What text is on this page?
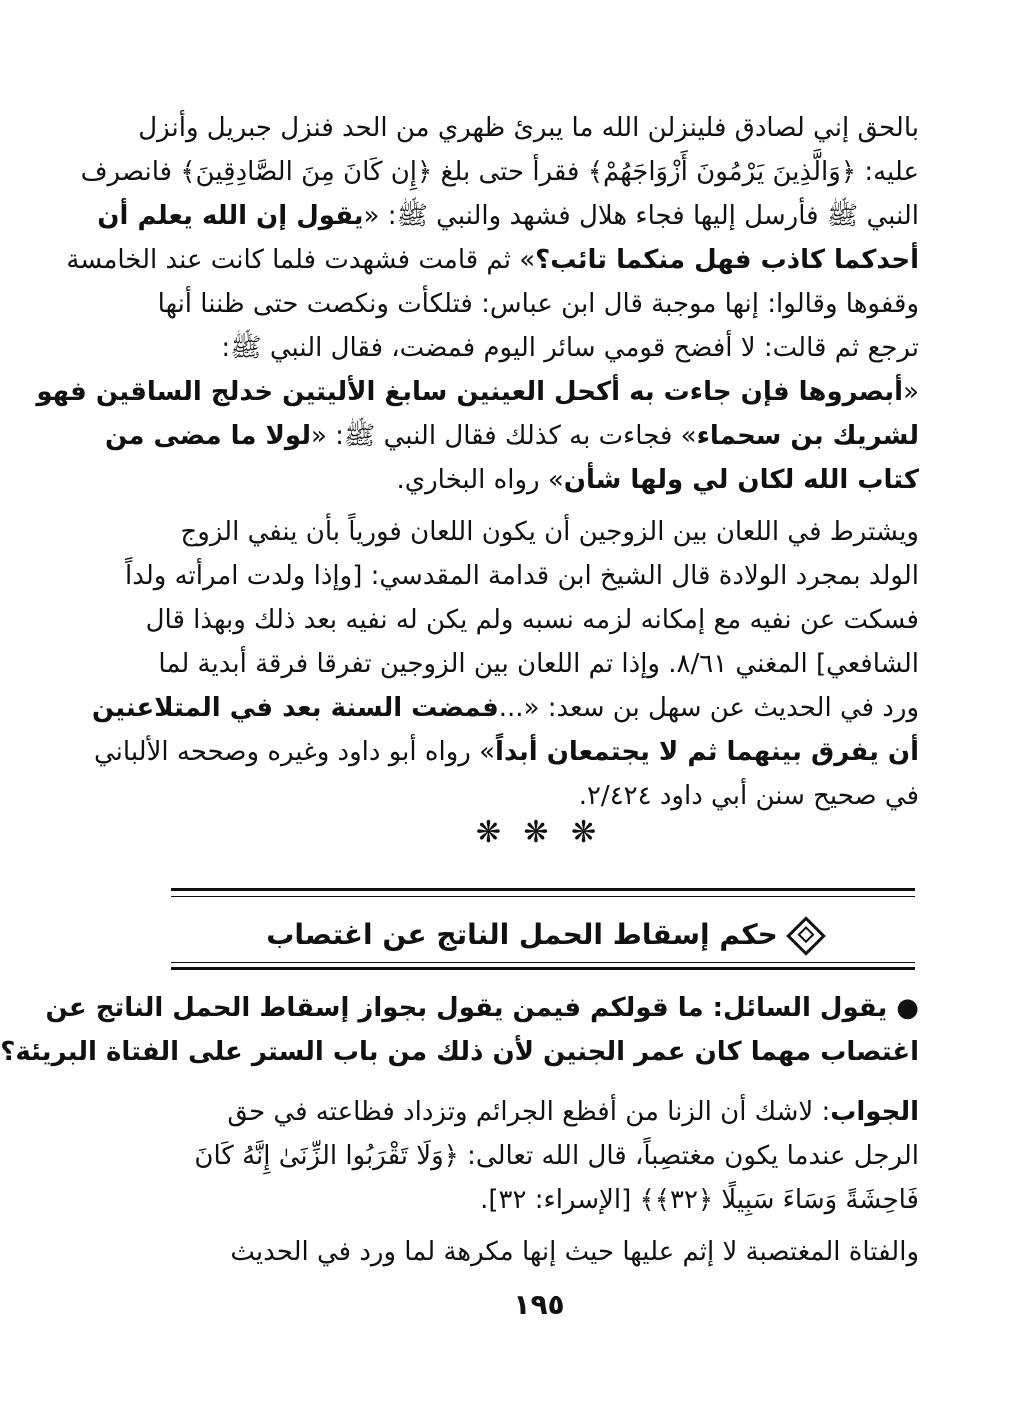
بالحق إني لصادق فلينزلن الله ما يبرئ ظهري من الحد فنزل جبريل وأنزل
عليه: ﴿وَالَّذِينَ يَرْمُونَ أَزْوَاجَهُمْ﴾ فقرأ حتى بلغ ﴿إِن كَانَ مِنَ الصَّادِقِينَ﴾ فانصرف
النبي ﷺ فأرسل إليها فجاء هلال فشهد والنبي ﷺ: «يقول إن الله يعلم أن
أحدكما كاذب فهل منكما تائب؟» ثم قامت فشهدت فلما كانت عند الخامسة
وقفوها وقالوا: إنها موجبة قال ابن عباس: فتلكأت ونكصت حتى ظننا أنها
ترجع ثم قالت: لا أفضح قومي سائر اليوم فمضت، فقال النبي ﷺ:
«أبصروها فإن جاءت به أكحل العينين سابغ الأليتين خدلج الساقين فهو
لشريك بن سحماء» فجاءت به كذلك فقال النبي ﷺ: «لولا ما مضى من
كتاب الله لكان لي ولها شأن» رواه البخاري.
ويشترط في اللعان بين الزوجين أن يكون اللعان فورياً بأن ينفي الزوج
الولد بمجرد الولادة قال الشيخ ابن قدامة المقدسي: [وإذا ولدت امرأته ولداً
فسكت عن نفيه مع إمكانه لزمه نسبه ولم يكن له نفيه بعد ذلك وبهذا قال
الشافعي] المغني ٨/٦١. وإذا تم اللعان بين الزوجين تفرقا فرقة أبدية لما
ورد في الحديث عن سهل بن سعد: «...فمضت السنة بعد في المتلاعنين
أن يفرق بينهما ثم لا يجتمعان أبداً» رواه أبو داود وغيره وصححه الألباني
في صحيح سنن أبي داود ٢/٤٢٤.
❋ ❋ ❋
حكم إسقاط الحمل الناتج عن اغتصاب
● يقول السائل: ما قولكم فيمن يقول بجواز إسقاط الحمل الناتج عن
اغتصاب مهما كان عمر الجنين لأن ذلك من باب الستر على الفتاة البريئة؟
الجواب: لاشك أن الزنا من أفظع الجرائم وتزداد فظاعته في حق
الرجل عندما يكون مغتصِباً، قال الله تعالى: ﴿وَلَا تَقْرَبُوا الزِّنَىٰ إِنَّهُ كَانَ
فَاحِشَةً وَسَاءَ سَبِيلًا ﴿٣٢﴾﴾ [الإسراء: ٣٢].
والفتاة المغتصبة لا إثم عليها حيث إنها مكرهة لما ورد في الحديث
١٩٥
